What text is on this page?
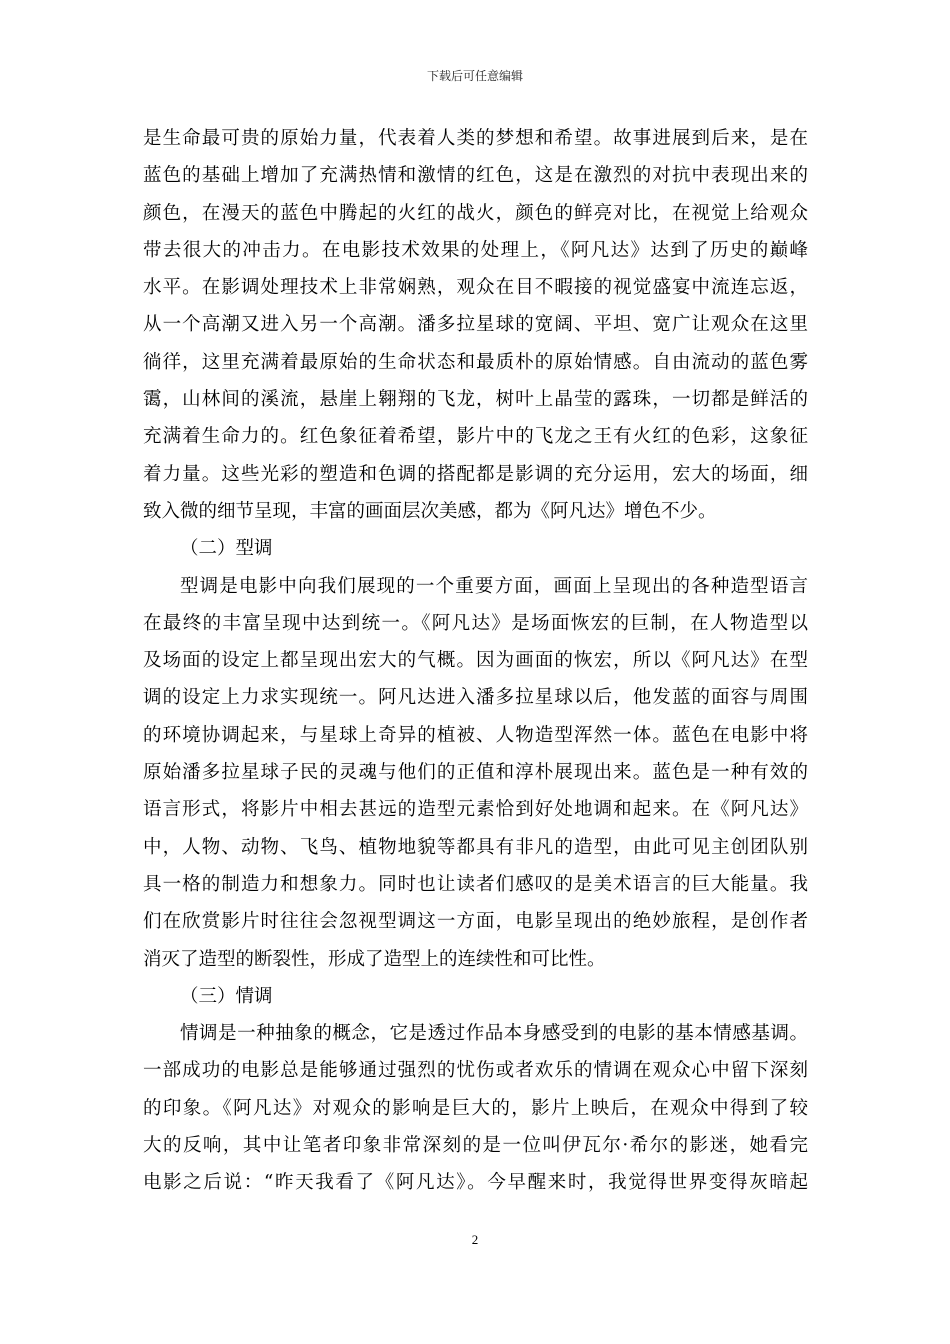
下载后可任意编辑
是生命最可贵的原始力量，代表着人类的梦想和希望。故事进展到后来，是在
蓝色的基础上增加了充满热情和激情的红色，这是在激烈的对抗中表现出来的
颜色，在漫天的蓝色中腾起的火红的战火，颜色的鲜亮对比，在视觉上给观众
带去很大的冲击力。在电影技术效果的处理上，《阿凡达》达到了历史的巅峰
水平。在影调处理技术上非常娴熟，观众在目不暇接的视觉盛宴中流连忘返，
从一个高潮又进入另一个高潮。潘多拉星球的宽阔、平坦、宽广让观众在这里
徜徉，这里充满着最原始的生命状态和最质朴的原始情感。自由流动的蓝色雾
霭，山林间的溪流，悬崖上翱翔的飞龙，树叶上晶莹的露珠，一切都是鲜活的
充满着生命力的。红色象征着希望，影片中的飞龙之王有火红的色彩，这象征
着力量。这些光彩的塑造和色调的搭配都是影调的充分运用，宏大的场面，细
致入微的细节呈现，丰富的画面层次美感，都为《阿凡达》增色不少。
（二）型调
型调是电影中向我们展现的一个重要方面，画面上呈现出的各种造型语言
在最终的丰富呈现中达到统一。《阿凡达》是场面恢宏的巨制，在人物造型以
及场面的设定上都呈现出宏大的气概。因为画面的恢宏，所以《阿凡达》在型
调的设定上力求实现统一。阿凡达进入潘多拉星球以后，他发蓝的面容与周围
的环境协调起来，与星球上奇异的植被、人物造型浑然一体。蓝色在电影中将
原始潘多拉星球子民的灵魂与他们的正值和淳朴展现出来。蓝色是一种有效的
语言形式，将影片中相去甚远的造型元素恰到好处地调和起来。在《阿凡达》
中，人物、动物、飞鸟、植物地貌等都具有非凡的造型，由此可见主创团队别
具一格的制造力和想象力。同时也让读者们感叹的是美术语言的巨大能量。我
们在欣赏影片时往往会忽视型调这一方面，电影呈现出的绝妙旅程，是创作者
消灭了造型的断裂性，形成了造型上的连续性和可比性。
（三）情调
情调是一种抽象的概念，它是透过作品本身感受到的电影的基本情感基调。
一部成功的电影总是能够通过强烈的忧伤或者欢乐的情调在观众心中留下深刻
的印象。《阿凡达》对观众的影响是巨大的，影片上映后，在观众中得到了较
大的反响，其中让笔者印象非常深刻的是一位叫伊瓦尔·希尔的影迷，她看完
电影之后说：“昨天我看了《阿凡达》。今早醒来时，我觉得世界变得灰暗起
2
